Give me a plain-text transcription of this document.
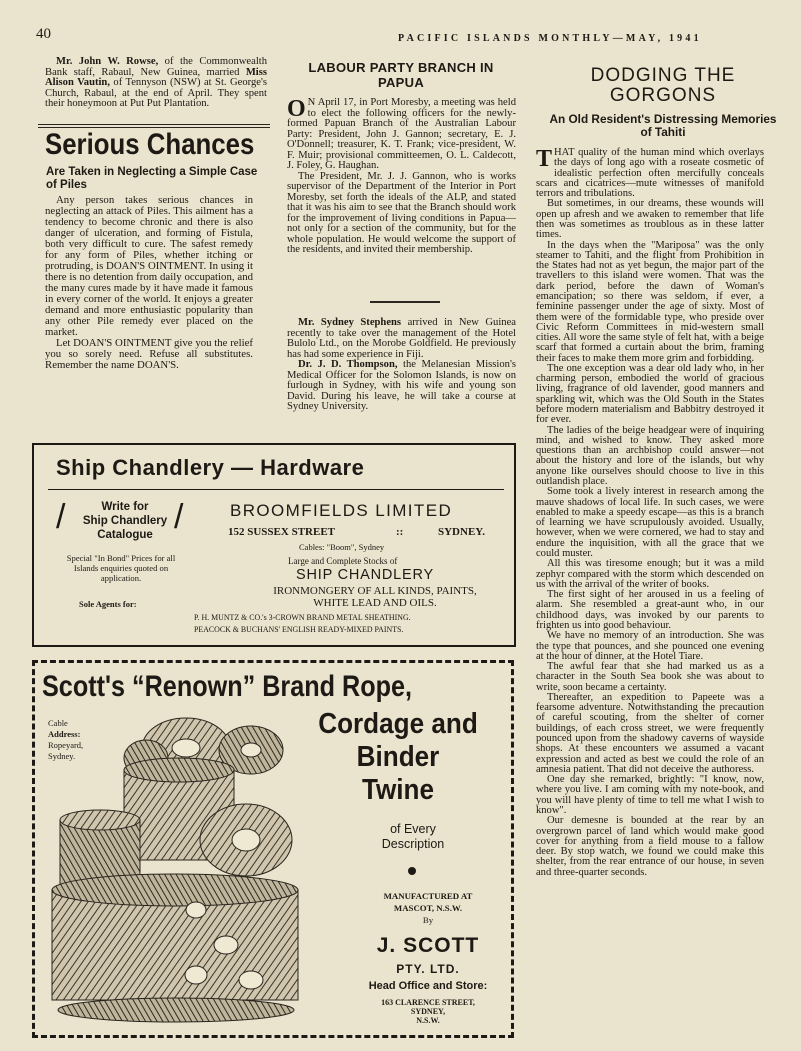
40	PACIFIC ISLANDS MONTHLY—MAY, 1941

Mr. John W. Rowse, of the Commonwealth Bank staff, Rabaul, New Guinea, married Miss Alison Vautin, of Tennyson (NSW) at St. George's Church, Rabaul, at the end of April. They spent their honeymoon at Put Put Plantation.

Serious Chances
Are Taken in Neglecting a Simple Case of Piles

Any person takes serious chances in neglecting an attack of Piles. This ailment has a tendency to become chronic and there is also danger of ulceration, and forming of Fistula, both very difficult to cure. The safest remedy for any form of Piles, whether itching or protruding, is DOAN'S OINTMENT. In using it there is no detention from daily occupation, and the many cures made by it have made it famous in every corner of the world. It enjoys a greater demand and more enthusiastic popularity than any other Pile remedy ever placed on the market.

Let DOAN'S OINTMENT give you the relief you so sorely need. Refuse all substitutes. Remember the name DOAN'S.

LABOUR PARTY BRANCH IN PAPUA

O N April 17, in Port Moresby, a meeting was held to elect the following officers for the newly-formed Papuan Branch of the Australian Labour Party: President, John J. Gannon; secretary, E. J. O'Donnell; treasurer, K. T. Frank; vice-president, W. F. Muir; provisional committeemen, O. L. Caldecott, J. Foley, G. Haughan.

The President, Mr. J. J. Gannon, who is works supervisor of the Department of the Interior in Port Moresby, set forth the ideals of the ALP, and stated that it was his aim to see that the Branch should work for the improvement of living conditions in Papua—not only for a section of the community, but for the whole population. He would welcome the support of the residents, and invited their membership.

Mr. Sydney Stephens arrived in New Guinea recently to take over the management of the Hotel Bulolo Ltd., on the Morobe Goldfield. He previously has had some experience in Fiji.

Dr. J. D. Thompson, the Melanesian Mission's Medical Officer for the Solomon Islands, is now on furlough in Sydney, with his wife and young son David. During his leave, he will take a course at Sydney University.

DODGING THE GORGONS
An Old Resident's Distressing Memories of Tahiti

THAT quality of the human mind which overlays the days of long ago with a roseate cosmetic of idealistic perfection often mercifully conceals scars and cicatrices—mute witnesses of manifold terrors and tribulations.

But sometimes, in our dreams, these wounds will open up afresh and we awaken to remember that life then was sometimes as troublous as in these latter times.

In the days when the "Mariposa" was the only steamer to Tahiti, and the flight from Prohibition in the States had not as yet begun, the major part of the travellers to this island were women. That was the dark period, before the dawn of Woman's emancipation; so there was seldom, if ever, a feminine passenger under the age of sixty. Most of them were of the formidable type, who preside over Civic Reform Committees in mid-western small cities. All wore the same style of felt hat, with a beige scarf that formed a curtain about the brim, framing their faces to make them more grim and forbidding.

The one exception was a dear old lady who, in her charming person, embodied the world of gracious living, fragrance of old lavender, good manners and sparkling wit, which was the Old South in the States before modern materialism and Babbitry destroyed it for ever.

The ladies of the beige headgear were of inquiring mind, and wished to know. They asked more questions than an archbishop could answer—not about the history and lore of the islands, but why anyone like ourselves should choose to live in this outlandish place.

Some took a lively interest in research among the mauve shadows of local life. In such cases, we were enabled to make a speedy escape—as this is a branch of learning we have scrupulously avoided. Usually, however, when we were cornered, we had to stay and endure the inquisition, with all the grace that we could muster.

All this was tiresome enough; but it was a mild zephyr compared with the storm which descended on us with the arrival of the writer of books.

The first sight of her aroused in us a feeling of alarm. She resembled a great-aunt who, in our childhood days, was invoked by our parents to frighten us into good behaviour.

We have no memory of an introduction. She was the type that pounces, and she pounced one evening at the hour of dinner, at the Hotel Tiare.

The awful fear that she had marked us as a character in the South Sea book she was about to write, soon became a certainty.

Thereafter, an expedition to Papeete was a fearsome adventure. Notwithstanding the precaution of careful scouting, from the shelter of corner buildings, of each cross street, we were frequently pounced upon from the shadowy caverns of wayside shops. At these encounters we assumed a vacant expression and acted as best we could the role of an amnesia patient. That did not deceive the authoress.

One day she remarked, brightly: "I know, now, where you live. I am coming with my note-book, and you will have plenty of time to tell me what I wish to know".

Our demesne is bounded at the rear by an overgrown parcel of land which would make good cover for anything from a field mouse to a fallow deer. By stop watch, we found we could make this shelter, from the rear entrance of our house, in seven and three-quarter seconds.

Ship Chandlery — Hardware
/	/
Write for
Ship Chandlery
Catalogue
Special "In Bond" Prices for all Islands enquiries quoted on application.
BROOMFIELDS LIMITED
152 SUSSEX STREET	::	SYDNEY.
Cables: "Boom", Sydney
Large and Complete Stocks of
SHIP CHANDLERY
IRONMONGERY OF ALL KINDS, PAINTS,
WHITE LEAD AND OILS.
Sole Agents for:
P. H. MUNTZ & CO.'s 3-CROWN BRAND METAL SHEATHING.
PEACOCK & BUCHANS' ENGLISH READY-MIXED PAINTS.
Scott's “Renown” Brand Rope,
Cordage and
Binder
Twine
of Every
Description
Cable
Address:
Ropeyard,
Sydney.
MANUFACTURED AT
MASCOT, N.S.W.
By
J. SCOTT
PTY. LTD.
Head Office and Store:
163 CLARENCE STREET,
SYDNEY,
N.S.W.
